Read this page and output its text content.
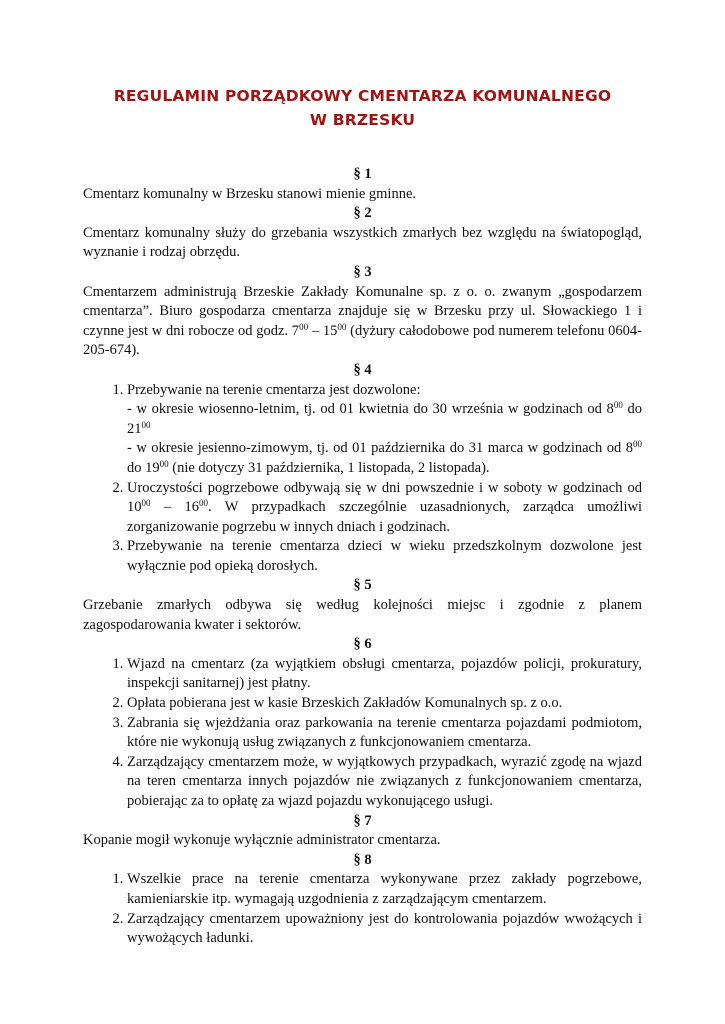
REGULAMIN PORZĄDKOWY CMENTARZA KOMUNALNEGO
W BRZESKU
§ 1
Cmentarz komunalny w Brzesku stanowi mienie gminne.
§ 2
Cmentarz komunalny służy do grzebania wszystkich zmarłych bez względu na światopogląd, wyznanie i rodzaj obrzędu.
§ 3
Cmentarzem administrują Brzeskie Zakłady Komunalne sp. z o. o. zwanym „gospodarzem cmentarza”. Biuro gospodarza cmentarza znajduje się w Brzesku przy ul. Słowackiego 1 i czynne jest w dni robocze od godz. $7^{00} - 15^{00}$ (dyżury całodobowe pod numerem telefonu 0604-205-674).
§ 4
1. Przebywanie na terenie cmentarza jest dozwolone:
- w okresie wiosenno-letnim, tj. od 01 kwietnia do 30 września w godzinach od $8^{00}$ do $21^{00}$
- w okresie jesienno-zimowym, tj. od 01 października do 31 marca w godzinach od $8^{00}$ do $19^{00}$ (nie dotyczy 31 października, 1 listopada, 2 listopada).
2. Uroczystości pogrzebowe odbywają się w dni powszednie i w soboty w godzinach od $10^{00} - 16^{00}$. W przypadkach szczególnie uzasadnionych, zarządca umożliwi zorganizowanie pogrzebu w innych dniach i godzinach.
3. Przebywanie na terenie cmentarza dzieci w wieku przedszkolnym dozwolone jest wyłącznie pod opieką dorosłych.
§ 5
Grzebanie zmarłych odbywa się według kolejności miejsc i zgodnie z planem zagospodarowania kwater i sektorów.
§ 6
1. Wjazd na cmentarz (za wyjątkiem obsługi cmentarza, pojazdów policji, prokuratury, inspekcji sanitarnej) jest płatny.
2. Opłata pobierana jest w kasie Brzeskich Zakładów Komunalnych sp. z o.o.
3. Zabrania się wjeżdżania oraz parkowania na terenie cmentarza pojazdami podmiotom, które nie wykonują usług związanych z funkcjonowaniem cmentarza.
4. Zarządzający cmentarzem może, w wyjątkowych przypadkach, wyrazić zgodę na wjazd na teren cmentarza innych pojazdów nie związanych z funkcjonowaniem cmentarza, pobierając za to opłatę za wjazd pojazdu wykonującego usługi.
§ 7
Kopanie mogił wykonuje wyłącznie administrator cmentarza.
§ 8
1. Wszelkie prace na terenie cmentarza wykonywane przez zakłady pogrzebowe, kamieniarskie itp. wymagają uzgodnienia z zarządzającym cmentarzem.
2. Zarządzający cmentarzem upoważniony jest do kontrolowania pojazdów wwożących i wywożących ładunki.
